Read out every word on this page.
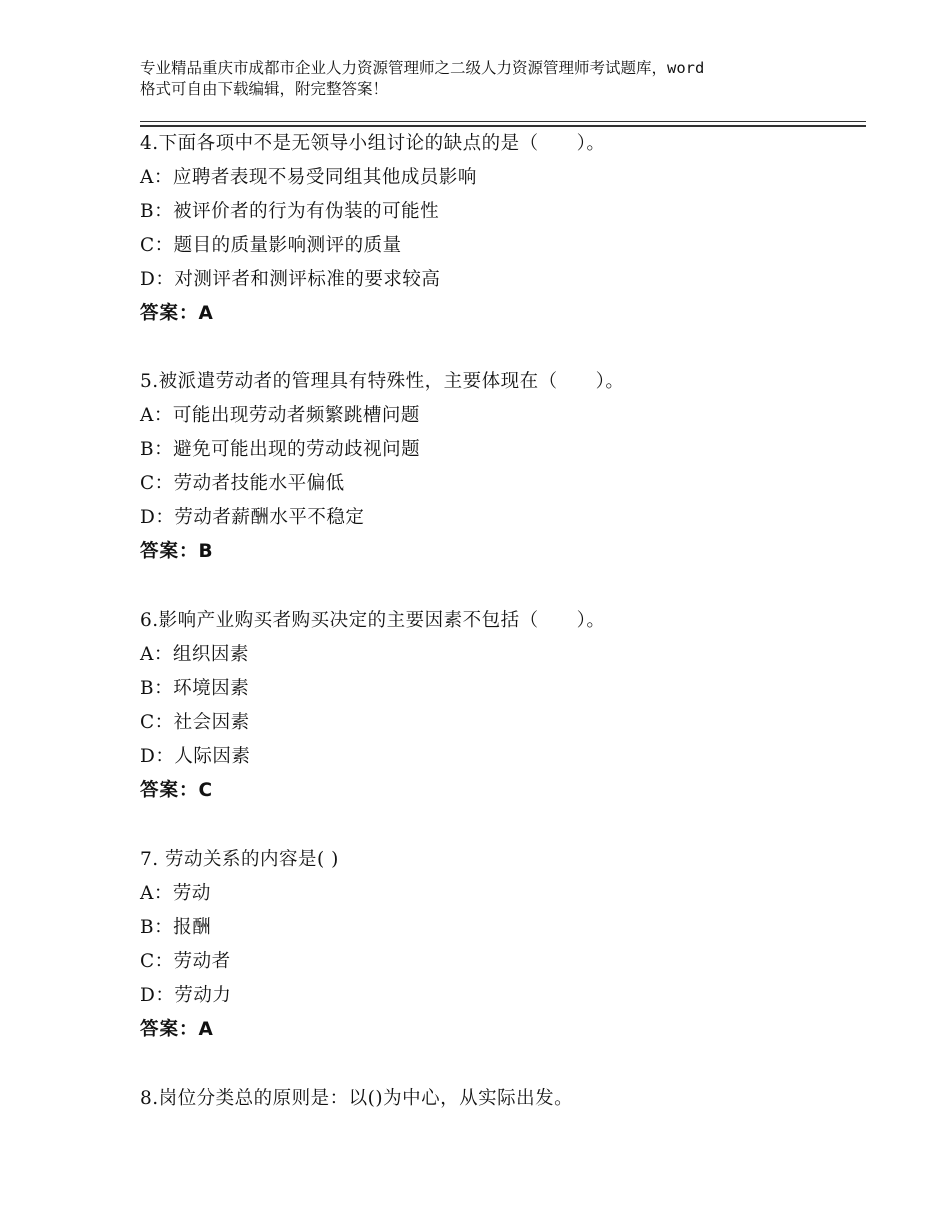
专业精品重庆市成都市企业人力资源管理师之二级人力资源管理师考试题库，word
格式可自由下载编辑，附完整答案！
4.下面各项中不是无领导小组讨论的缺点的是（　　）。
A：应聘者表现不易受同组其他成员影响
B：被评价者的行为有伪装的可能性
C：题目的质量影响测评的质量
D：对测评者和测评标准的要求较高
答案：A
5.被派遣劳动者的管理具有特殊性，主要体现在（　　）。
A：可能出现劳动者频繁跳槽问题
B：避免可能出现的劳动歧视问题
C：劳动者技能水平偏低
D：劳动者薪酬水平不稳定
答案：B
6.影响产业购买者购买决定的主要因素不包括（　　）。
A：组织因素
B：环境因素
C：社会因素
D：人际因素
答案：C
7. 劳动关系的内容是( )
A：劳动
B：报酬
C：劳动者
D：劳动力
答案：A
8.岗位分类总的原则是：以()为中心，从实际出发。
